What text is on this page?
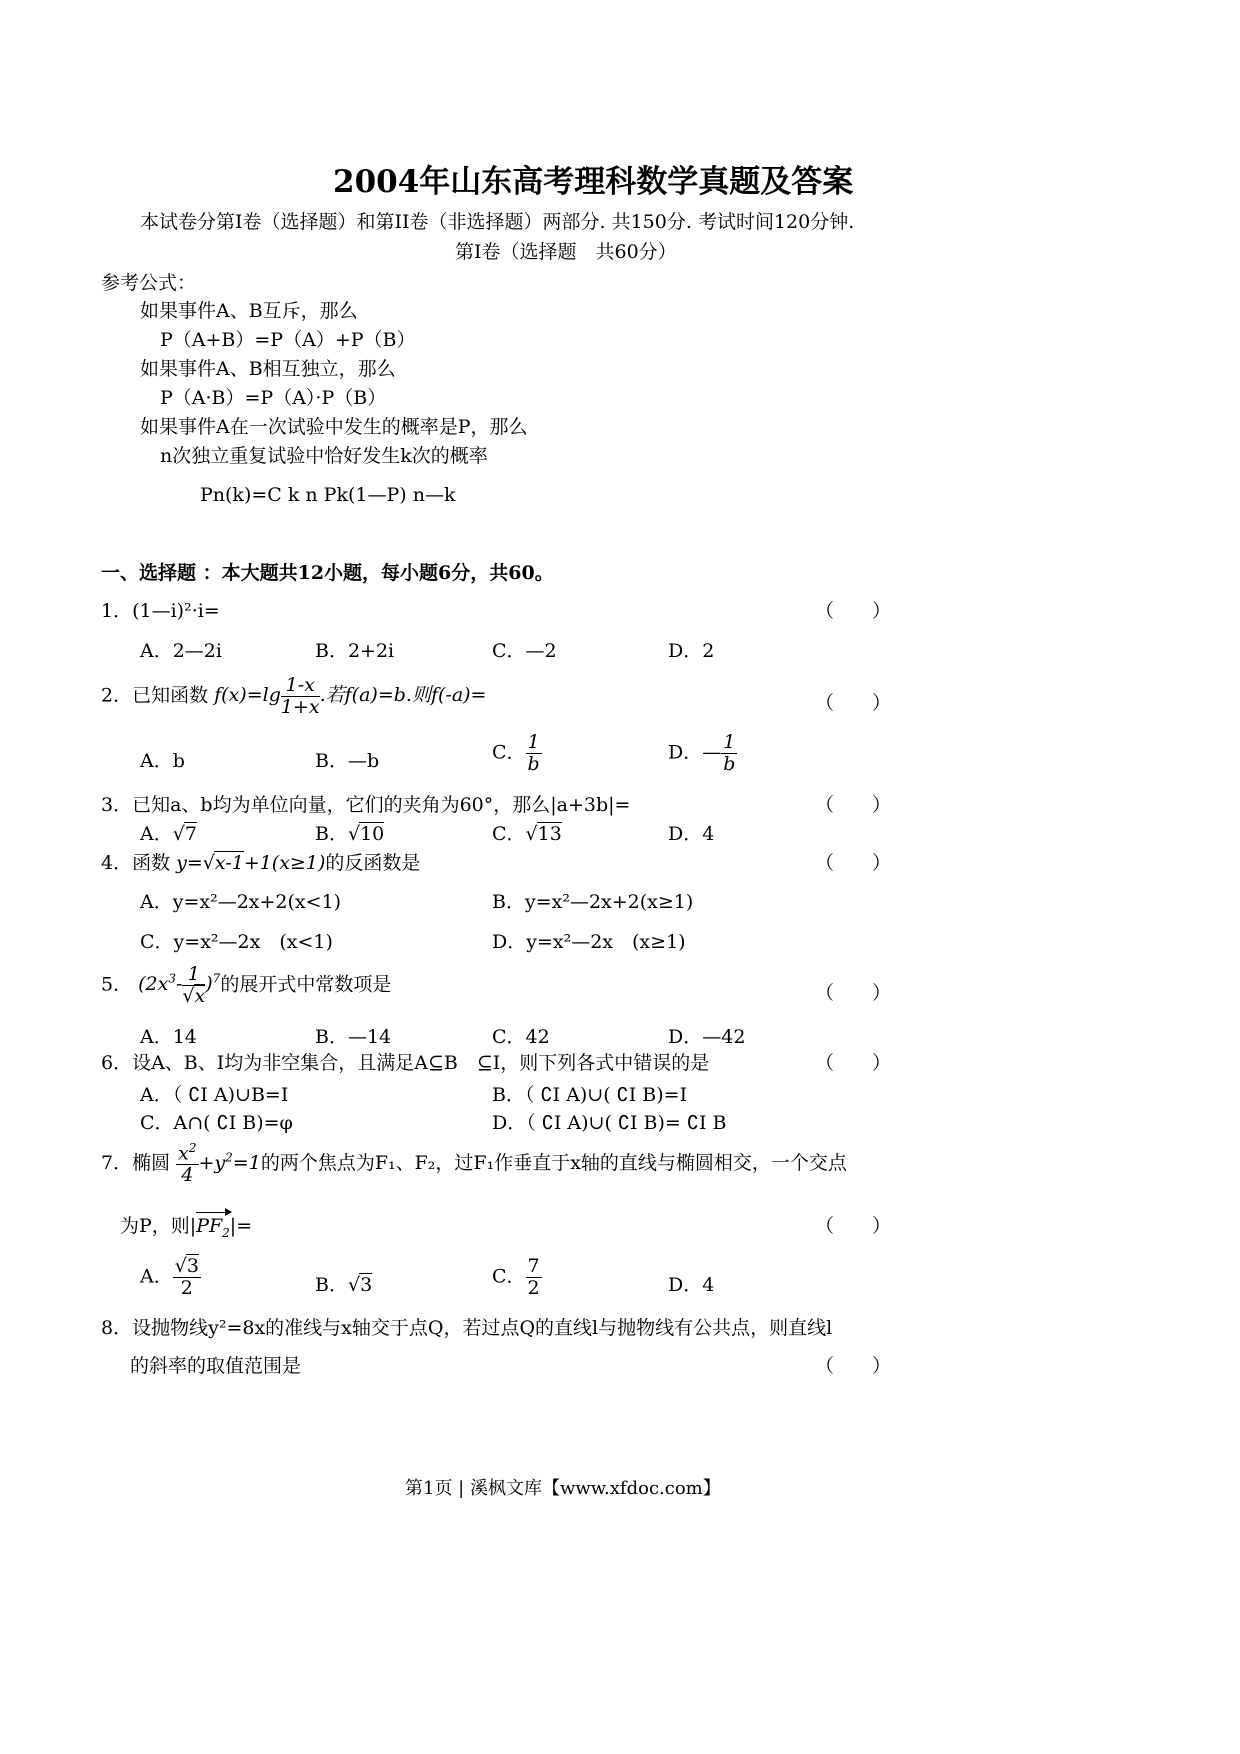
2004年山东高考理科数学真题及答案
本试卷分第Ⅰ卷（选择题）和第II卷（非选择题）两部分. 共150分. 考试时间120分钟.
第Ⅰ卷（选择题　共60分）
参考公式：
如果事件A、B互斥，那么
P（A+B）=P（A）+P（B）
如果事件A、B相互独立，那么
P（A·B）=P（A）·P（B）
如果事件A在一次试验中发生的概率是P，那么
n次独立重复试验中恰好发生k次的概率
Pn(k)=C k n Pk(1—P) n—k
一、选择题 ：本大题共12小题，每小题6分，共60。
1．(1—i)²·i=	（　　）
A．2—2i	B．2+2i	C．—2	D．2
2．已知函数 $f(x)=\lg \frac{1-x}{1+x}$ .若f(a)=b.则f(-a)=	（　　）
A．b	B．—b	C． $\frac{1}{b}$	D．— $\frac{1}{b}$
3．已知a、b均为单位向量，它们的夹角为60°，那么|a+3b|=	（　　）
A．√7	B．√10	C．√13	D．4
4．函数 y=√x-1+1(x≥1)的反函数是	（　　）
A．y=x²—2x+2(x<1)	B．y=x²—2x+2(x≥1)
C．y=x²—2x　(x<1)	D．y=x²—2x　(x≥1)
5． $(2x^3- \frac{1}{√x} )^7$的展开式中常数项是	（　　）
A．14	B．—14	C．42	D．—42
6．设A、B、I均为非空集合，且满足A⊆B　⊆I，则下列各式中错误的是	（　　）
A．（ ∁I A)∪B=I	B．（ ∁I A)∪( ∁I B)=I
C．A∩( ∁I B)=φ	D．（ ∁I A)∪( ∁I B)= ∁I B
7．椭圆 $\frac{x^2}{4} +y^2=1$的两个焦点为F₁、F₂，过F₁作垂直于x轴的直线与椭圆相交，一个交点
为P，则$|PF_2|=$	（　　）
A． $\frac{√3}{2}$	B．√3	C． $\frac{7}{2}$	D．4
8．设抛物线y²=8x的准线与x轴交于点Q，若过点Q的直线l与抛物线有公共点，则直线l
的斜率的取值范围是	（　　）
第1页 | 溪枫文库【www.xfdoc.com】
